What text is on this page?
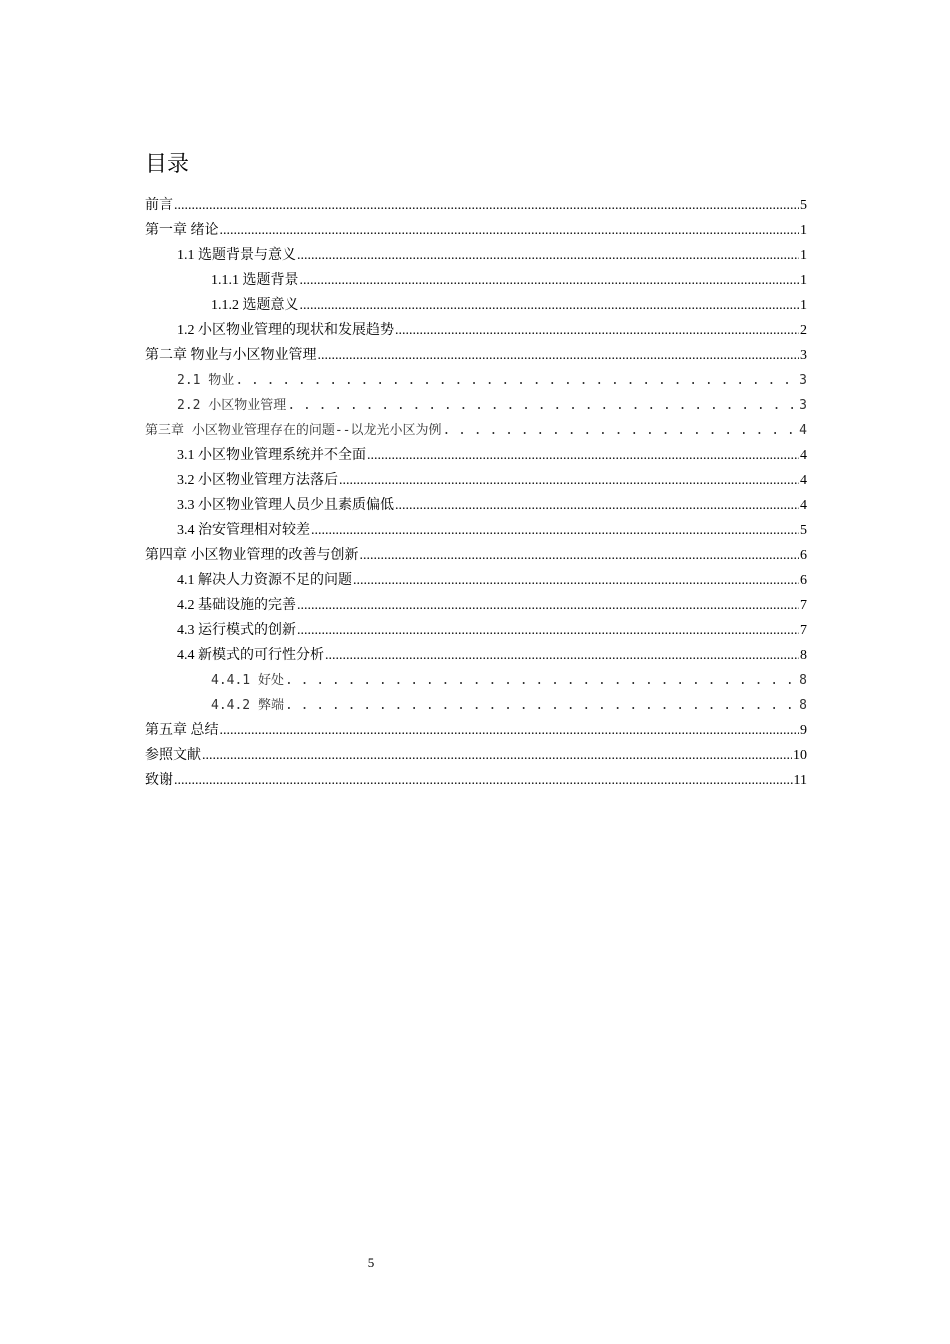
目录
前言 .....	5
第一章 绪论 .....	1
1.1 选题背景与意义 .....	1
1.1.1 选题背景 .....	1
1.1.2 选题意义 .....	1
1.2 小区物业管理的现状和发展趋势 .....	2
第二章 物业与小区物业管理 .....	3
2.1 物业 . . .	3
2.2 小区物业管理 . . .	3
第三章 小区物业管理存在的问题--以龙光小区为例 . . .	4
3.1 小区物业管理系统并不全面 .....	4
3.2 小区物业管理方法落后 .....	4
3.3 小区物业管理人员少且素质偏低 .....	4
3.4 治安管理相对较差 .....	5
第四章 小区物业管理的改善与创新 .....	6
4.1 解决人力资源不足的问题 .....	6
4.2 基础设施的完善 .....	7
4.3 运行模式的创新 .....	7
4.4 新模式的可行性分析 .....	8
4.4.1 好处 . . .	8
4.4.2 弊端 . . .	8
第五章 总结 .....	9
参照文献 .....	10
致谢 .....	11
5
